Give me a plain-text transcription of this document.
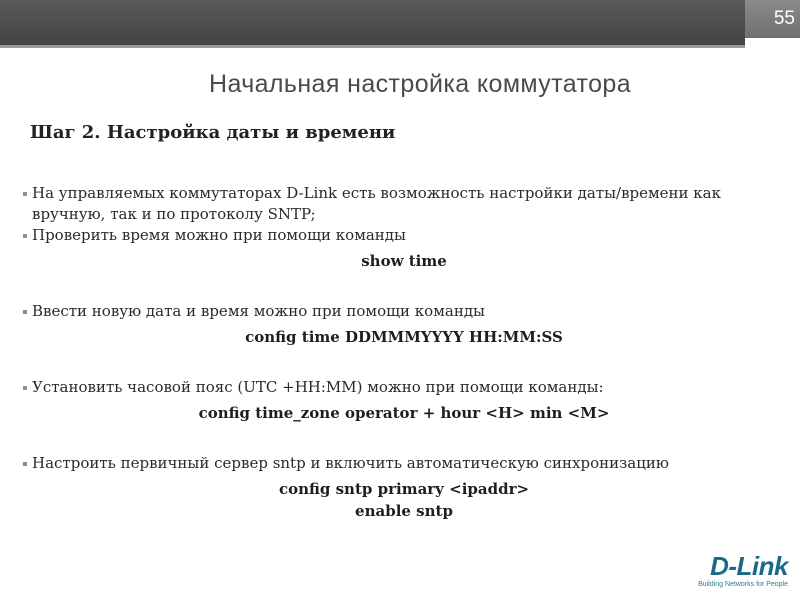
55
Начальная настройка коммутатора
Шаг 2. Настройка даты и времени
На управляемых коммутаторах D-Link есть возможность настройки даты/времени как вручную, так и по протоколу SNTP;
Проверить время можно при помощи команды
show time
Ввести новую дата и время можно при помощи команды
config time DDMMMYYYY HH:MM:SS
Установить часовой пояс (UTC +HH:MM) можно при помощи команды:
config time_zone operator + hour <H> min <M>
Настроить первичный сервер sntp и включить автоматическую синхронизацию
config sntp primary <ipaddr>
enable sntp
D-Link
Building Networks for People
